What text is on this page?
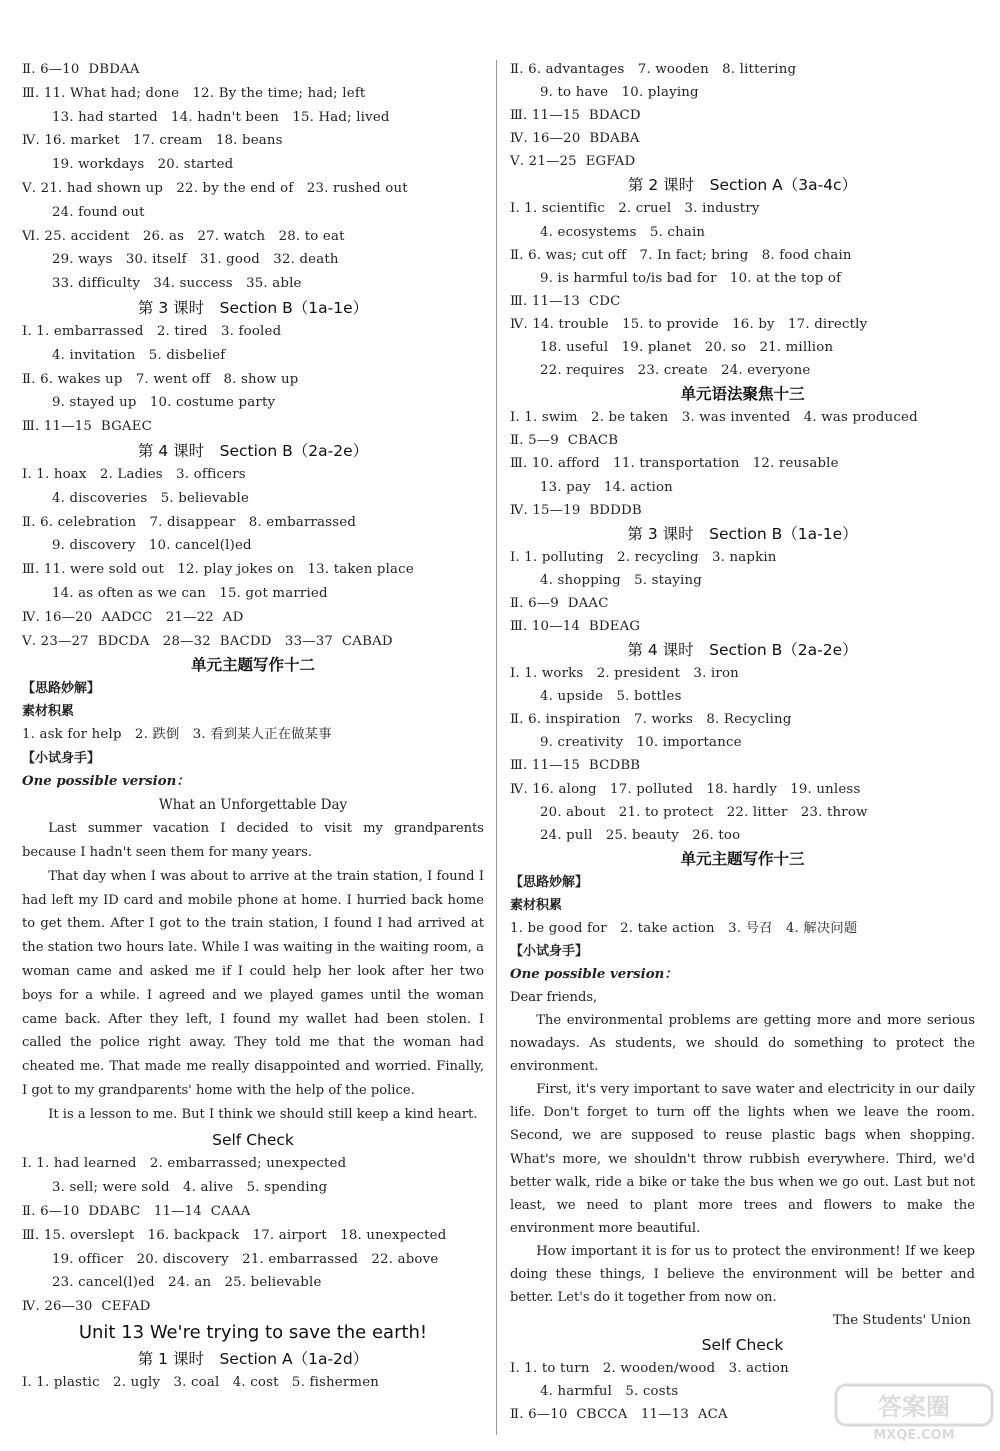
Ⅱ. 6—10  DBDAA
Ⅲ. 11. What had; done   12. By the time; had; left
13. had started   14. hadn't been   15. Had; lived
Ⅳ. 16. market   17. cream   18. beans
19. workdays   20. started
Ⅴ. 21. had shown up   22. by the end of   23. rushed out
24. found out
Ⅵ. 25. accident   26. as   27. watch   28. to eat
29. ways   30. itself   31. good   32. death
33. difficulty   34. success   35. able
第 3 课时　Section B（1a-1e）
Ⅰ. 1. embarrassed   2. tired   3. fooled
4. invitation   5. disbelief
Ⅱ. 6. wakes up   7. went off   8. show up
9. stayed up   10. costume party
Ⅲ. 11—15  BGAEC
第 4 课时　Section B（2a-2e）
Ⅰ. 1. hoax   2. Ladies   3. officers
4. discoveries   5. believable
Ⅱ. 6. celebration   7. disappear   8. embarrassed
9. discovery   10. cancel(l)ed
Ⅲ. 11. were sold out   12. play jokes on   13. taken place
14. as often as we can   15. got married
Ⅳ. 16—20  AADCC   21—22  AD
Ⅴ. 23—27  BDCDA   28—32  BACDD   33—37  CABAD
单元主题写作十二
【思路妙解】
素材积累
1. ask for help   2. 跌倒   3. 看到某人正在做某事
【小试身手】
One possible version：
What an Unforgettable Day
Last summer vacation I decided to visit my grandparents because I hadn't seen them for many years.
That day when I was about to arrive at the train station, I found I had left my ID card and mobile phone at home. I hurried back home to get them. After I got to the train station, I found I had arrived at the station two hours late. While I was waiting in the waiting room, a woman came and asked me if I could help her look after her two boys for a while. I agreed and we played games until the woman came back. After they left, I found my wallet had been stolen. I called the police right away. They told me that the woman had cheated me. That made me really disappointed and worried. Finally, I got to my grandparents' home with the help of the police.
It is a lesson to me. But I think we should still keep a kind heart.
Self Check
Ⅰ. 1. had learned   2. embarrassed; unexpected
3. sell; were sold   4. alive   5. spending
Ⅱ. 6—10  DDABC   11—14  CAAA
Ⅲ. 15. overslept   16. backpack   17. airport   18. unexpected
19. officer   20. discovery   21. embarrassed   22. above
23. cancel(l)ed   24. an   25. believable
Ⅳ. 26—30  CEFAD
Unit 13 We're trying to save the earth!
第 1 课时　Section A（1a-2d）
Ⅰ. 1. plastic   2. ugly   3. coal   4. cost   5. fishermen
Ⅱ. 6. advantages   7. wooden   8. littering
9. to have   10. playing
Ⅲ. 11—15  BDACD
Ⅳ. 16—20  BDABA
Ⅴ. 21—25  EGFAD
第 2 课时　Section A（3a-4c）
Ⅰ. 1. scientific   2. cruel   3. industry
4. ecosystems   5. chain
Ⅱ. 6. was; cut off   7. In fact; bring   8. food chain
9. is harmful to/is bad for   10. at the top of
Ⅲ. 11—13  CDC
Ⅳ. 14. trouble   15. to provide   16. by   17. directly
18. useful   19. planet   20. so   21. million
22. requires   23. create   24. everyone
单元语法聚焦十三
Ⅰ. 1. swim   2. be taken   3. was invented   4. was produced
Ⅱ. 5—9  CBACB
Ⅲ. 10. afford   11. transportation   12. reusable
13. pay   14. action
Ⅳ. 15—19  BDDDB
第 3 课时　Section B（1a-1e）
Ⅰ. 1. polluting   2. recycling   3. napkin
4. shopping   5. staying
Ⅱ. 6—9  DAAC
Ⅲ. 10—14  BDEAG
第 4 课时　Section B（2a-2e）
Ⅰ. 1. works   2. president   3. iron
4. upside   5. bottles
Ⅱ. 6. inspiration   7. works   8. Recycling
9. creativity   10. importance
Ⅲ. 11—15  BCDBB
Ⅳ. 16. along   17. polluted   18. hardly   19. unless
20. about   21. to protect   22. litter   23. throw
24. pull   25. beauty   26. too
单元主题写作十三
【思路妙解】
素材积累
1. be good for   2. take action   3. 号召   4. 解决问题
【小试身手】
One possible version：
Dear friends,
The environmental problems are getting more and more serious nowadays. As students, we should do something to protect the environment.
First, it's very important to save water and electricity in our daily life. Don't forget to turn off the lights when we leave the room. Second, we are supposed to reuse plastic bags when shopping. What's more, we shouldn't throw rubbish everywhere. Third, we'd better walk, ride a bike or take the bus when we go out. Last but not least, we need to plant more trees and flowers to make the environment more beautiful.
How important it is for us to protect the environment! If we keep doing these things, I believe the environment will be better and better. Let's do it together from now on.
The Students' Union
Self Check
Ⅰ. 1. to turn   2. wooden/wood   3. action
4. harmful   5. costs
Ⅱ. 6—10  CBCCA   11—13  ACA	答案圈
MXQE.COM
